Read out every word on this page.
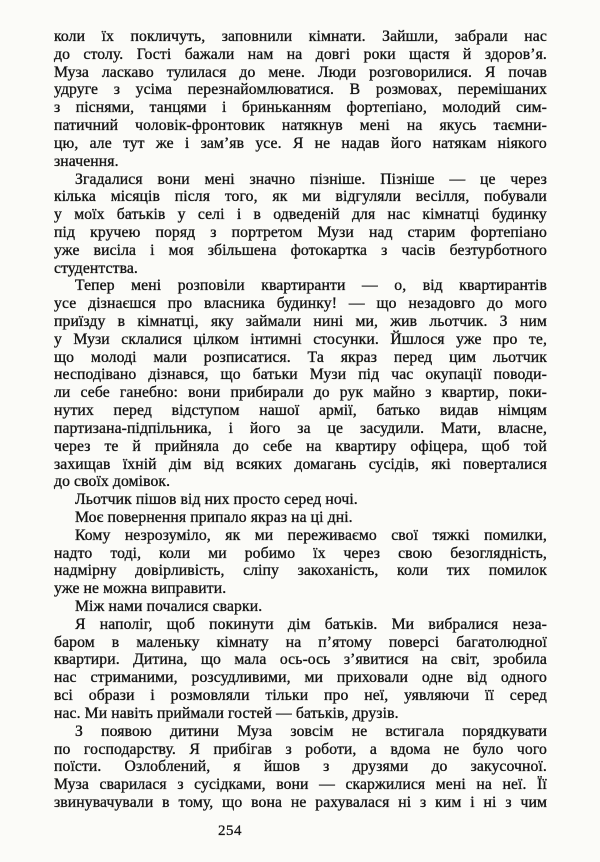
коли їх покличуть, заповнили кімнати. Зайшли, забрали нас
до столу. Гості бажали нам на довгі роки щастя й здоров’я.
Муза ласкаво тулилася до мене. Люди розговорилися. Я почав
удруге з усіма перезнайомлюватися. В розмовах, перемішаних
з піснями, танцями і бриньканням фортепіано, молодий сим-
патичний чоловік-фронтовик натякнув мені на якусь таємни-
цю, але тут же і зам’яв усе. Я не надав його натякам ніякого
значення.
Згадалися вони мені значно пізніше. Пізніше — це через
кілька місяців після того, як ми відгуляли весілля, побували
у моїх батьків у селі і в одведеній для нас кімнатці будинку
під кручею поряд з портретом Музи над старим фортепіано
уже висіла і моя збільшена фотокартка з часів безтурботного
студентства.
Тепер мені розповіли квартиранти — о, від квартирантів
усе дізнаєшся про власника будинку! — що незадовго до мого
приїзду в кімнатці, яку займали нині ми, жив льотчик. З ним
у Музи склалися цілком інтимні стосунки. Йшлося уже про те,
що молоді мали розписатися. Та якраз перед цим льотчик
несподівано дізнався, що батьки Музи під час окупації поводи-
ли себе ганебно: вони прибирали до рук майно з квартир, поки-
нутих перед відступом нашої армії, батько видав німцям
партизана-підпільника, і його за це засудили. Мати, власне,
через те й прийняла до себе на квартиру офіцера, щоб той
захищав їхній дім від всяких домагань сусідів, які поверталися
до своїх домівок.
Льотчик пішов від них просто серед ночі.
Моє повернення припало якраз на ці дні.
Кому незрозуміло, як ми переживаємо свої тяжкі помилки,
надто тоді, коли ми робимо їх через свою безоглядність,
надмірну довірливість, сліпу закоханість, коли тих помилок
уже не можна виправити.
Між нами почалися сварки.
Я наполіг, щоб покинути дім батьків. Ми вибралися неза-
баром в маленьку кімнату на п’ятому поверсі багатолюдної
квартири. Дитина, що мала ось-ось з’явитися на світ, зробила
нас стриманими, розсудливими, ми приховали одне від одного
всі образи і розмовляли тільки про неї, уявляючи її серед
нас. Ми навіть приймали гостей — батьків, друзів.
З появою дитини Муза зовсім не встигала порядкувати
по господарству. Я прибігав з роботи, а вдома не було чого
поїсти. Озлоблений, я йшов з друзями до закусочної.
Муза сварилася з сусідками, вони — скаржилися мені на неї. Її
звинувачували в тому, що вона не рахувалася ні з ким і ні з чим
254
